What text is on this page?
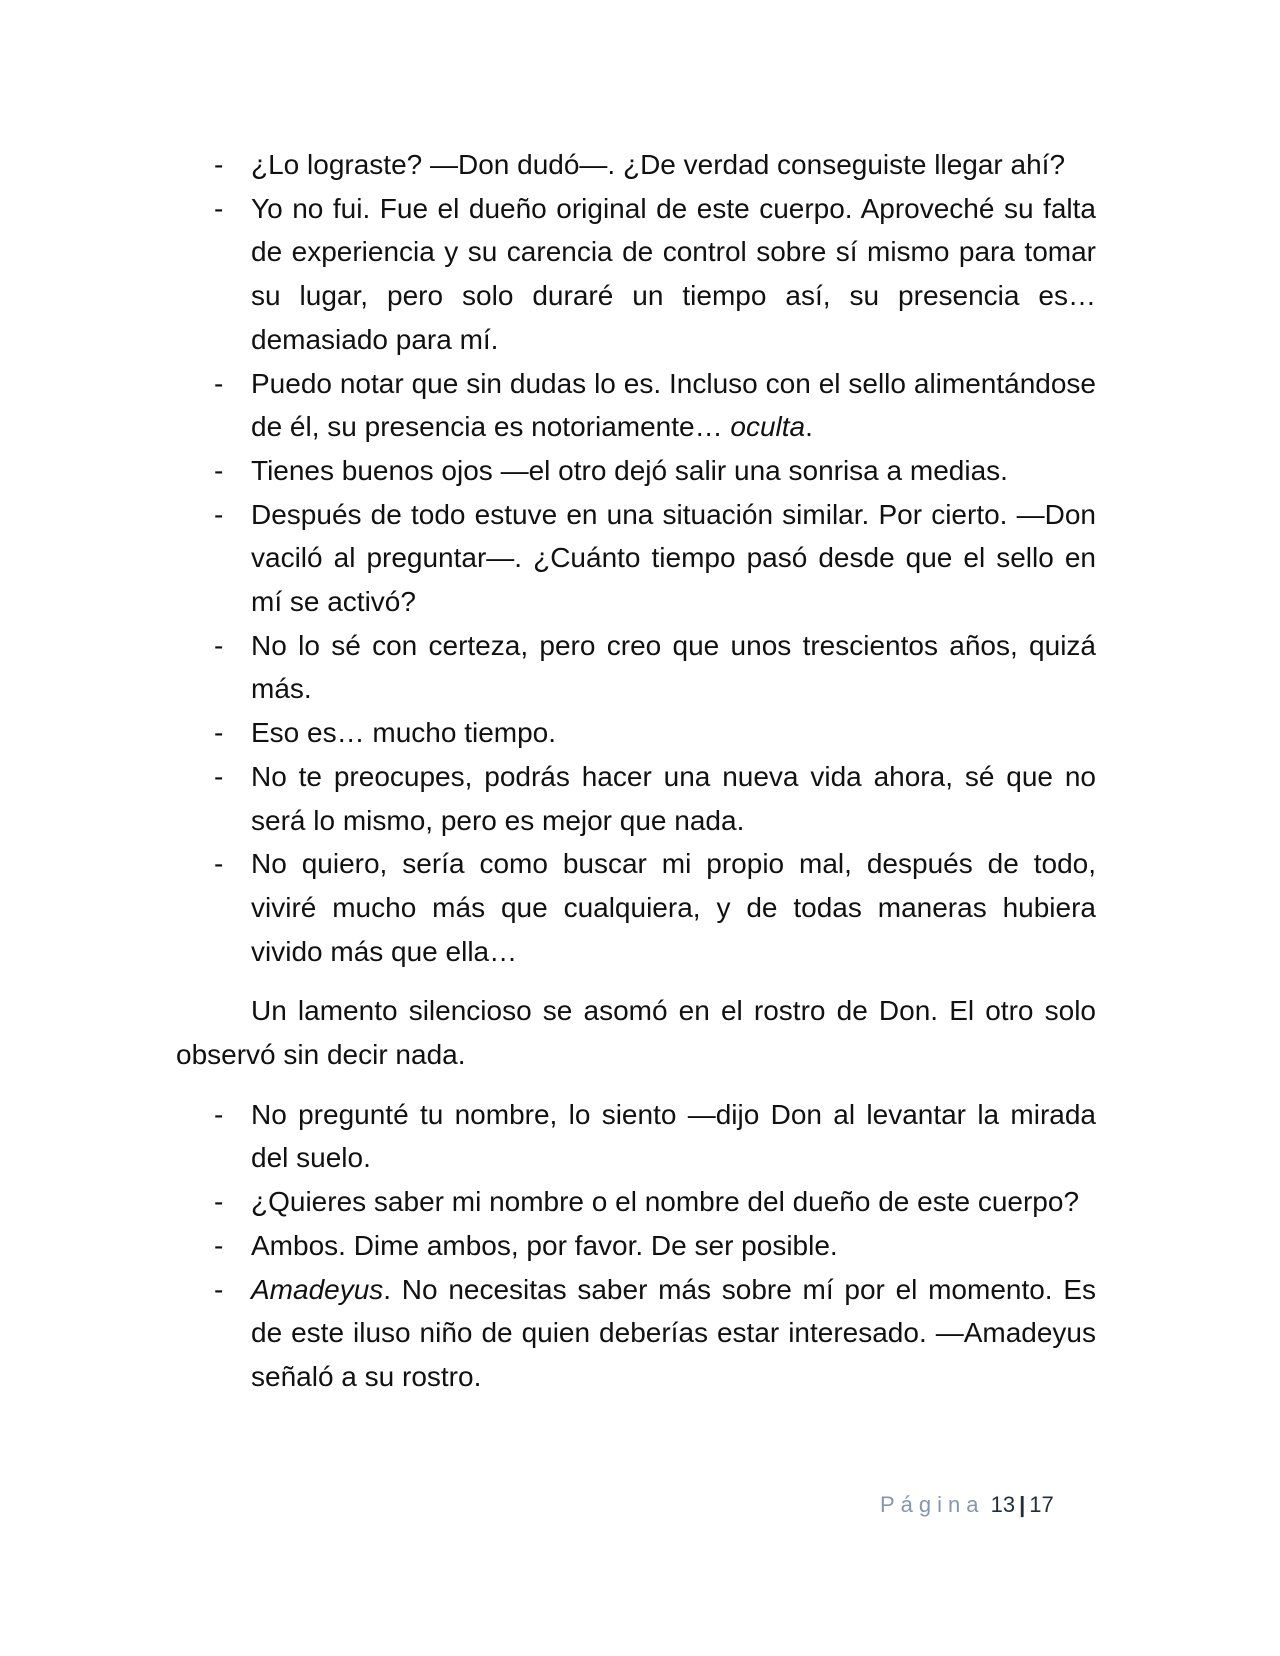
- ¿Lo lograste? —Don dudó—. ¿De verdad conseguiste llegar ahí?
- Yo no fui. Fue el dueño original de este cuerpo. Aproveché su falta de experiencia y su carencia de control sobre sí mismo para tomar su lugar, pero solo duraré un tiempo así, su presencia es… demasiado para mí.
- Puedo notar que sin dudas lo es. Incluso con el sello alimentándose de él, su presencia es notoriamente… oculta.
- Tienes buenos ojos —el otro dejó salir una sonrisa a medias.
- Después de todo estuve en una situación similar. Por cierto. —Don vaciló al preguntar—. ¿Cuánto tiempo pasó desde que el sello en mí se activó?
- No lo sé con certeza, pero creo que unos trescientos años, quizá más.
- Eso es… mucho tiempo.
- No te preocupes, podrás hacer una nueva vida ahora, sé que no será lo mismo, pero es mejor que nada.
- No quiero, sería como buscar mi propio mal, después de todo, viviré mucho más que cualquiera, y de todas maneras hubiera vivido más que ella…

Un lamento silencioso se asomó en el rostro de Don. El otro solo observó sin decir nada.

- No pregunté tu nombre, lo siento —dijo Don al levantar la mirada del suelo.
- ¿Quieres saber mi nombre o el nombre del dueño de este cuerpo?
- Ambos. Dime ambos, por favor. De ser posible.
- Amadeyus. No necesitas saber más sobre mí por el momento. Es de este iluso niño de quien deberías estar interesado. —Amadeyus señaló a su rostro.
Página 13 | 17
